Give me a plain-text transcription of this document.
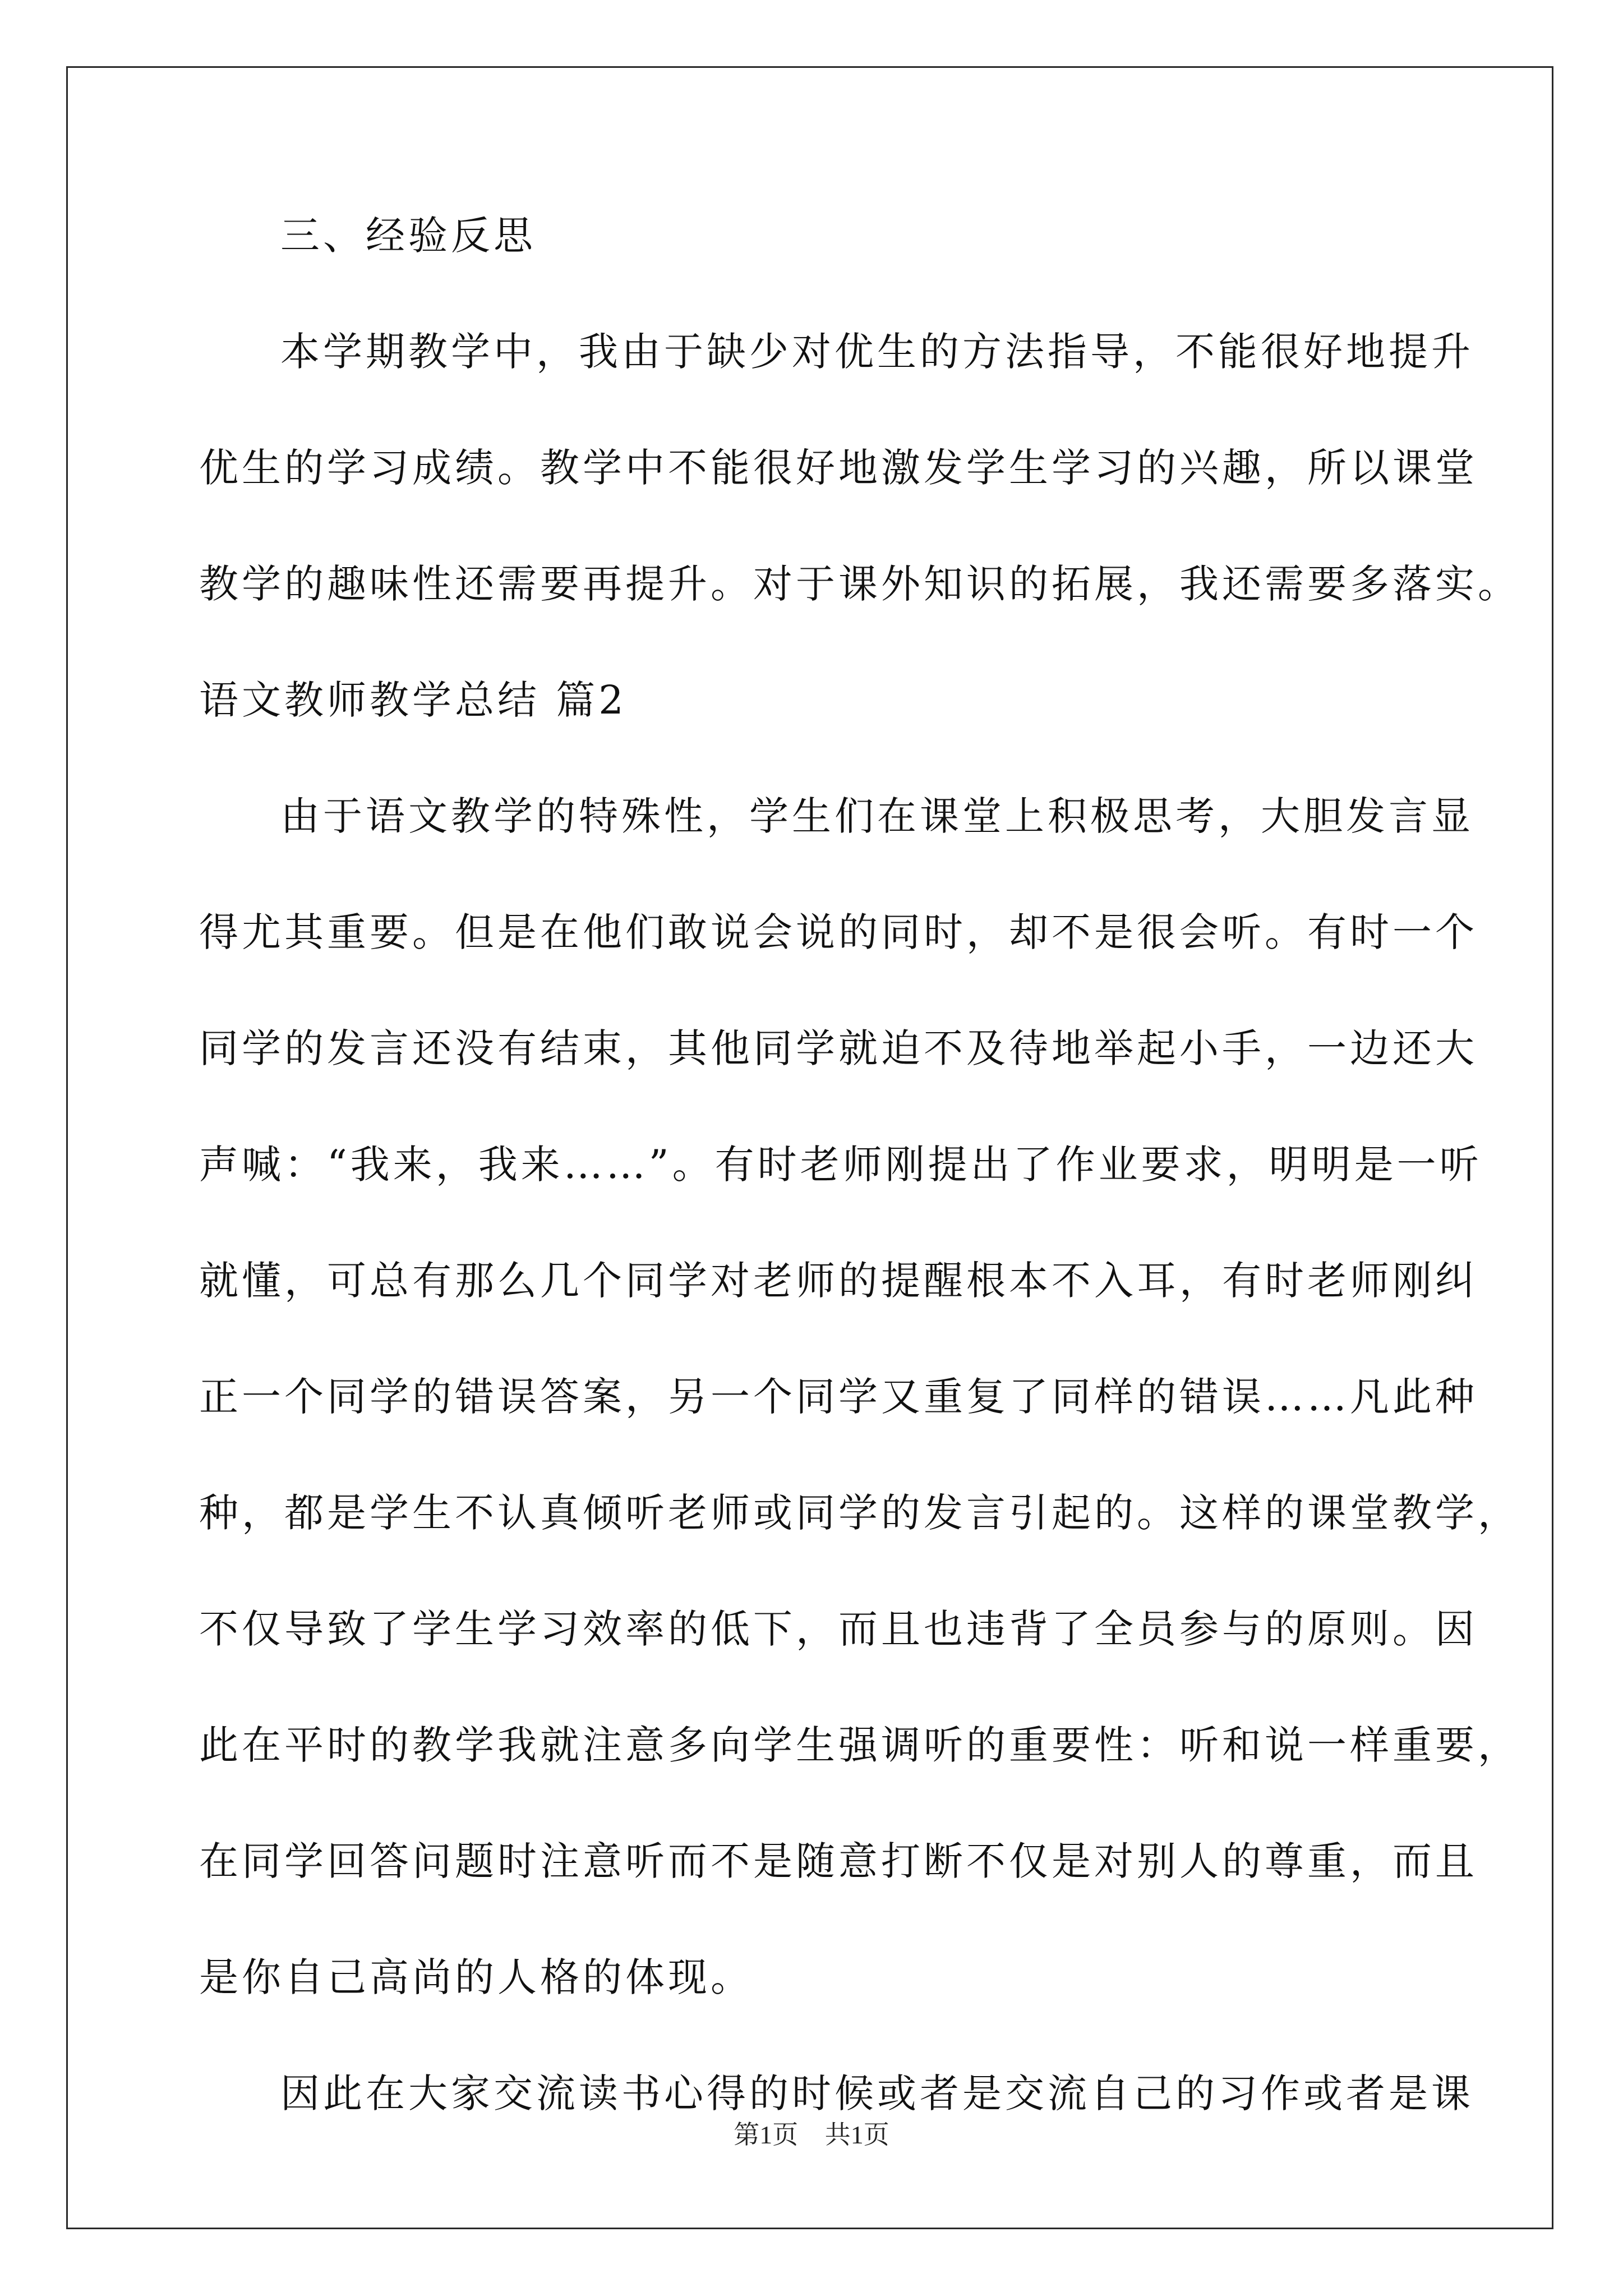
三、经验反思
本学期教学中，我由于缺少对优生的方法指导，不能很好地提升
优生的学习成绩。教学中不能很好地激发学生学习的兴趣，所以课堂
教学的趣味性还需要再提升。对于课外知识的拓展，我还需要多落实。
语文教师教学总结 篇2
由于语文教学的特殊性，学生们在课堂上积极思考，大胆发言显
得尤其重要。但是在他们敢说会说的同时，却不是很会听。有时一个
同学的发言还没有结束，其他同学就迫不及待地举起小手，一边还大
声喊：“我来，我来……”。有时老师刚提出了作业要求，明明是一听
就懂，可总有那么几个同学对老师的提醒根本不入耳，有时老师刚纠
正一个同学的错误答案，另一个同学又重复了同样的错误……凡此种
种，都是学生不认真倾听老师或同学的发言引起的。这样的课堂教学，
不仅导致了学生学习效率的低下，而且也违背了全员参与的原则。因
此在平时的教学我就注意多向学生强调听的重要性：听和说一样重要，
在同学回答问题时注意听而不是随意打断不仅是对别人的尊重，而且
是你自己高尚的人格的体现。
因此在大家交流读书心得的时候或者是交流自己的习作或者是课
第1页 共1页
